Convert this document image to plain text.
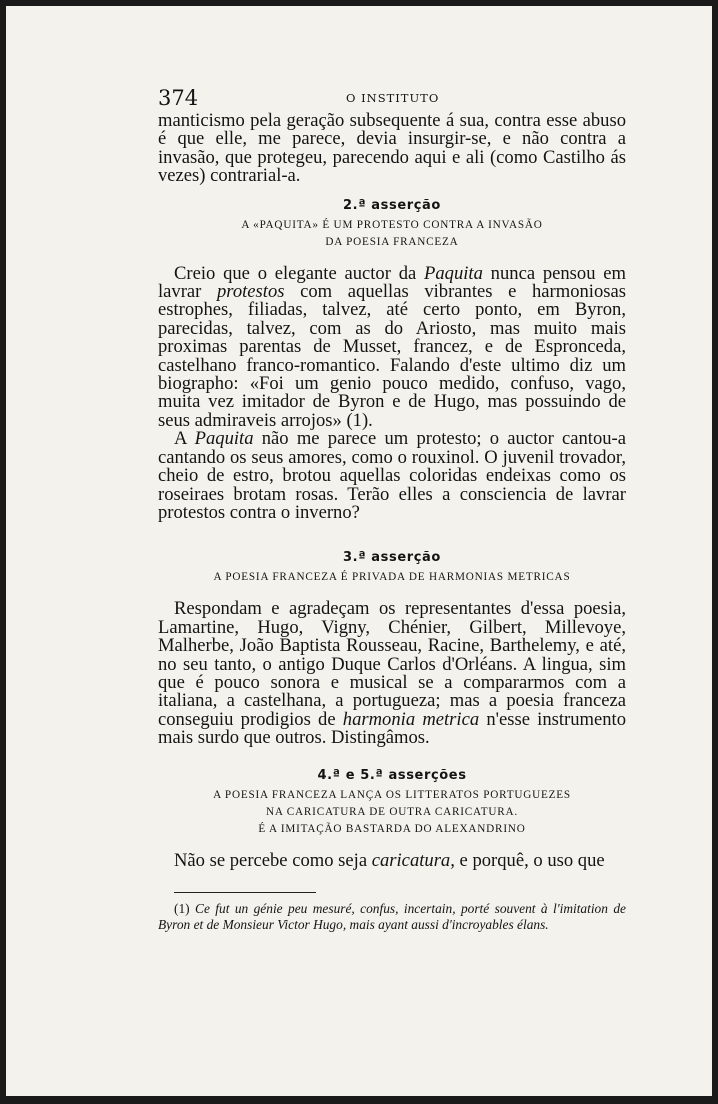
374	O INSTITUTO

manticismo pela geração subsequente á sua, contra esse abuso é que elle, me parece, devia insurgir-se, e não contra a invasão, que protegeu, parecendo aqui e ali (como Castilho ás vezes) contrarial-a.

2.ª asserção
A «PAQUITA» É UM PROTESTO CONTRA A INVASÃO
DA POESIA FRANCEZA

Creio que o elegante auctor da Paquita nunca pensou em lavrar protestos com aquellas vibrantes e harmoniosas estrophes, filiadas, talvez, até certo ponto, em Byron, parecidas, talvez, com as do Ariosto, mas muito mais proximas parentas de Musset, francez, e de Espronceda, castelhano franco-romantico. Falando d'este ultimo diz um biographo: «Foi um genio pouco medido, confuso, vago, muita vez imitador de Byron e de Hugo, mas possuindo de seus admiraveis arrojos» (1).

A Paquita não me parece um protesto; o auctor cantou-a cantando os seus amores, como o rouxinol. O juvenil trovador, cheio de estro, brotou aquellas coloridas endeixas como os roseiraes brotam rosas. Terão elles a consciencia de lavrar protestos contra o inverno?

3.ª asserção
A POESIA FRANCEZA É PRIVADA DE HARMONIAS METRICAS

Respondam e agradeçam os representantes d'essa poesia, Lamartine, Hugo, Vigny, Chénier, Gilbert, Millevoye, Malherbe, João Baptista Rousseau, Racine, Barthelemy, e até, no seu tanto, o antigo Duque Carlos d'Orléans. A lingua, sim que é pouco sonora e musical se a compararmos com a italiana, a castelhana, a portugueza; mas a poesia franceza conseguiu prodigios de harmonia metrica n'esse instrumento mais surdo que outros. Distingâmos.

4.ª e 5.ª asserções
A POESIA FRANCEZA LANÇA OS LITTERATOS PORTUGUEZES
NA CARICATURA DE OUTRA CARICATURA.
É A IMITAÇÃO BASTARDA DO ALEXANDRINO

Não se percebe como seja caricatura, e porquê, o uso que

(1) Ce fut un génie peu mesuré, confus, incertain, porté souvent à l'imitation de Byron et de Monsieur Victor Hugo, mais ayant aussi d'incroyables élans.
